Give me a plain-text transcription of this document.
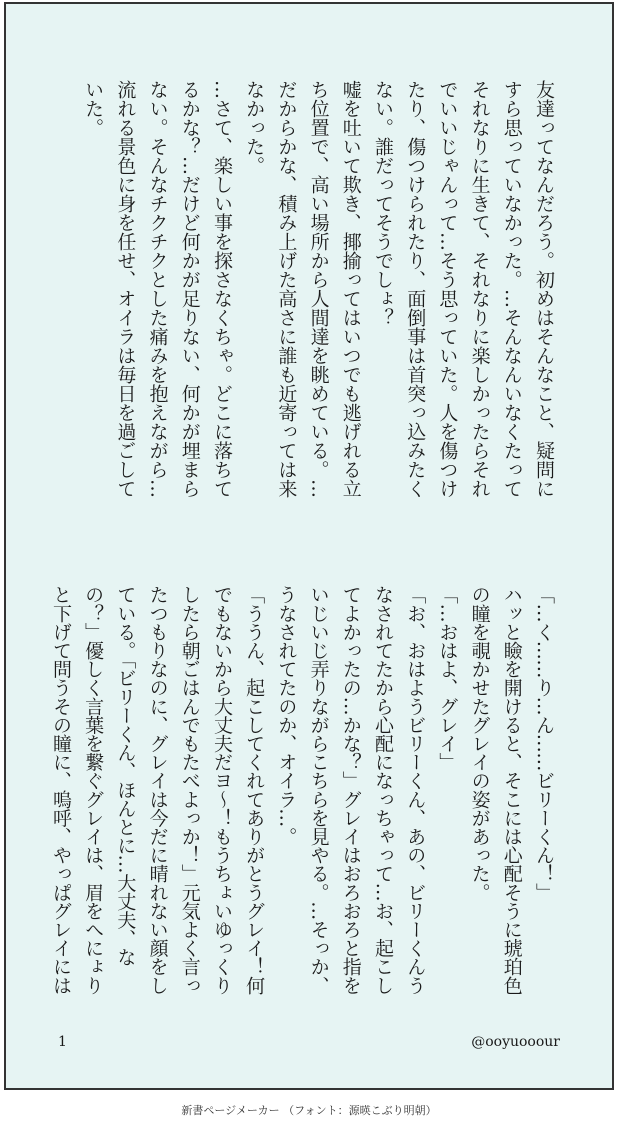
友達ってなんだろう。初めはそんなこと、疑問に
すら思っていなかった。…そんなんいなくたって
それなりに生きて、それなりに楽しかったらそれ
でいいじゃんって…そう思っていた。人を傷つけ
たり、傷つけられたり、面倒事は首突っ込みたく
ない。誰だってそうでしょ？
嘘を吐いて欺き、揶揄ってはいつでも逃げれる立
ち位置で、高い場所から人間達を眺めている。…
だからかな、積み上げた高さに誰も近寄っては来
なかった。
…さて、楽しい事を探さなくちゃ。どこに落ちて
るかな？…だけど何かが足りない、何かが埋まら
ない。そんなチクチクとした痛みを抱えながら…
流れる景色に身を任せ、オイラは毎日を過ごして
いた。
「…く……り…ん……ビリーくん！」
ハッと瞼を開けると、そこには心配そうに琥珀色
の瞳を覗かせたグレイの姿があった。
「…おはよ、グレイ」
「お、おはようビリーくん、あの、ビリーくんう
なされてたから心配になっちゃって…お、起こし
てよかったの…かな？」グレイはおろおろと指を
いじいじ弄りながらこちらを見やる。…そっか、
うなされてたのか、オイラ…。
「ううん、起こしてくれてありがとうグレイ！何
でもないから大丈夫だヨ～！もうちょいゆっくり
したら朝ごはんでもたべよっか！」元気よく言っ
たつもりなのに、グレイは今だに晴れない顔をし
ている。「ビリーくん、ほんとに…大丈夫、な
の？」優しく言葉を繋ぐグレイは、眉をへにょり
と下げて問うその瞳に、嗚呼、やっぱグレイには
1	@ooyuooour
新書ページメーカー （フォント：源暎こぶり明朝）
